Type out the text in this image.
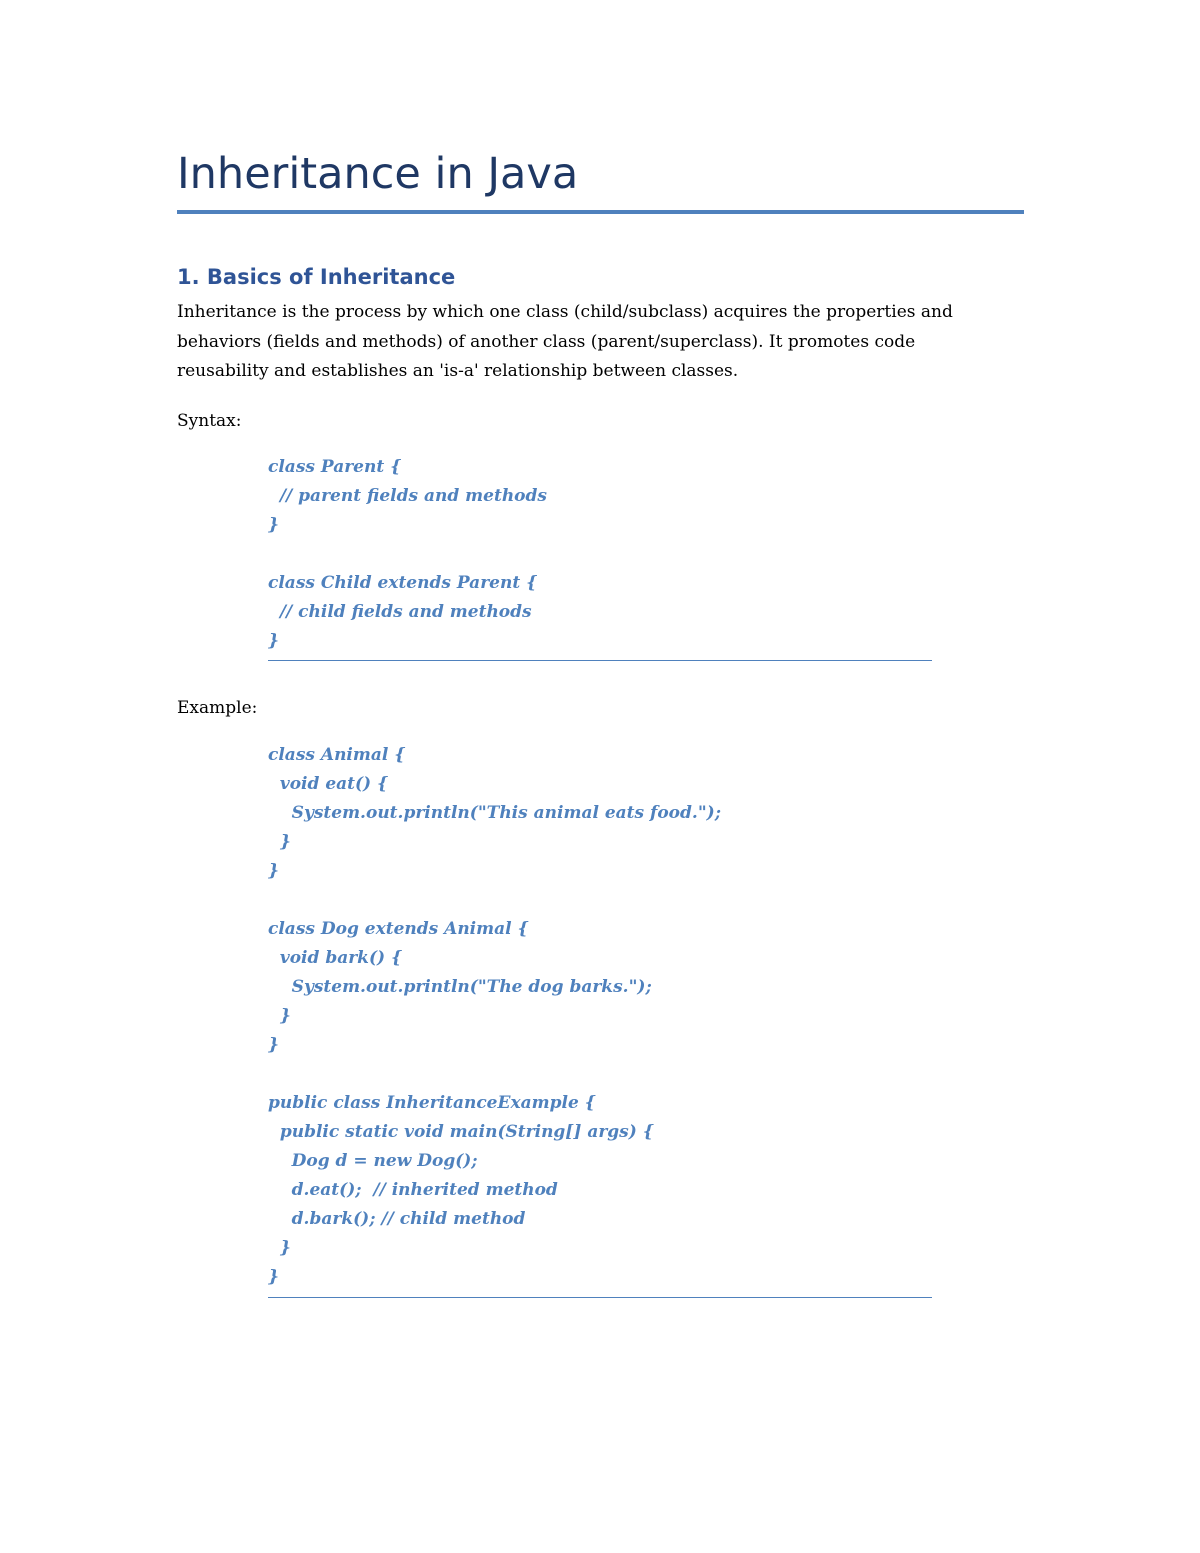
Inheritance in Java
1. Basics of Inheritance

Inheritance is the process by which one class (child/subclass) acquires the properties and

behaviors (fields and methods) of another class (parent/superclass). It promotes code

reusability and establishes an 'is-a' relationship between classes.

Syntax:

class Parent {
// parent fields and methods
}
class Child extends Parent {
// child fields and methods
}

Example:

class Animal {
void eat() {
System.out.println("This animal eats food.");
}
}
class Dog extends Animal {
void bark() {
System.out.println("The dog barks.");
}
}
public class InheritanceExample {
public static void main(String[] args) {
Dog d = new Dog();
d.eat();  // inherited method
d.bark(); // child method
}
}
